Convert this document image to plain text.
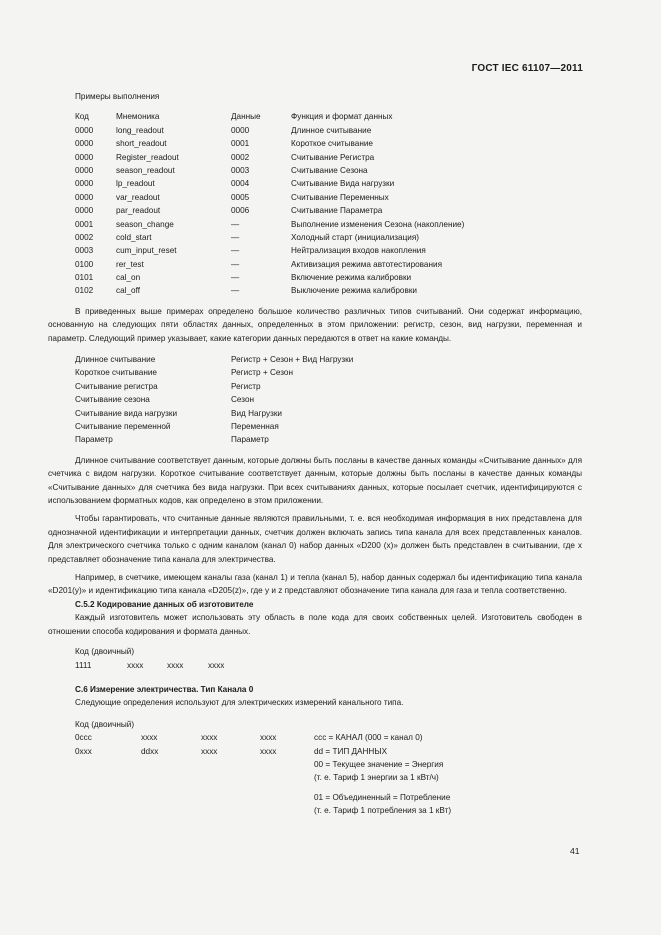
ГОСТ IEC 61107—2011
Примеры выполнения
Код	Мнемоника	Данные	Функция и формат данных
0000	long_readout	0000	Длинное считывание
0000	short_readout	0001	Короткое считывание
0000	Register_readout	0002	Считывание Регистра
0000	season_readout	0003	Считывание Сезона
0000	lp_readout	0004	Считывание Вида нагрузки
0000	var_readout	0005	Считывание Переменных
0000	par_readout	0006	Считывание Параметра
0001	season_change	—	Выполнение изменения Сезона (накопление)
0002	cold_start	—	Холодный старт (инициализация)
0003	cum_input_reset	—	Нейтрализация входов накопления
0100	rer_test	—	Активизация режима автотестирования
0101	cal_on	—	Включение режима калибровки
0102	cal_off	—	Выключение режима калибровки

В приведенных выше примерах определено большое количество различных типов считываний. Они содержат информацию, основанную на следующих пяти областях данных, определенных в этом приложении: регистр, сезон, вид нагрузки, переменная и параметр. Следующий пример указывает, какие категории данных передаются в ответ на какие команды.

Длинное считывание	Регистр + Сезон + Вид Нагрузки
Короткое считывание	Регистр + Сезон
Считывание регистра	Регистр
Считывание сезона	Сезон
Считывание вида нагрузки	Вид Нагрузки
Считывание переменной	Переменная
Параметр	Параметр

Длинное считывание соответствует данным, которые должны быть посланы в качестве данных команды «Считывание данных» для счетчика с видом нагрузки. Короткое считывание соответствует данным, которые должны быть посланы в качестве данных команды «Считывание данных» для счетчика без вида нагрузки. При всех считываниях данных, которые посылает счетчик, идентифицируются с использованием форматных кодов, как определено в этом приложении.

Чтобы гарантировать, что считанные данные являются правильными, т. е. вся необходимая информация в них представлена для однозначной идентификации и интерпретации данных, счетчик должен включать запись типа канала для всех представленных каналов. Для электрического счетчика только с одним каналом (канал 0) набор данных «D200 (x)» должен быть представлен в считывании, где x представляет обозначение типа канала для электричества.

Например, в счетчике, имеющем каналы газа (канал 1) и тепла (канал 5), набор данных содержал бы идентификацию типа канала «D201(y)» и идентификацию типа канала «D205(z)», где y и z представляют обозначение типа канала для газа и тепла соответственно.

C.5.2 Кодирование данных об изготовителе

Каждый изготовитель может использовать эту область в поле кода для своих собственных целей. Изготовитель свободен в отношении способа кодирования и формата данных.

Код (двоичный)
1111	xxxx	xxxx	xxxx
C.6 Измерение электричества. Тип Канала 0

Следующие определения используют для электрических измерений канального типа.

Код (двоичный)
0ccc	xxxx	xxxx	xxxx	ccc = КАНАЛ (000 = канал 0)
0xxx	ddxx	xxxx	xxxx	dd = ТИП ДАННЫХ
00 = Текущее значение = Энергия
(т. е. Тариф 1 энергии за 1 кВт/ч)
01 = Объединенный = Потребление
(т. е. Тариф 1 потребления за 1 кВт)
41
